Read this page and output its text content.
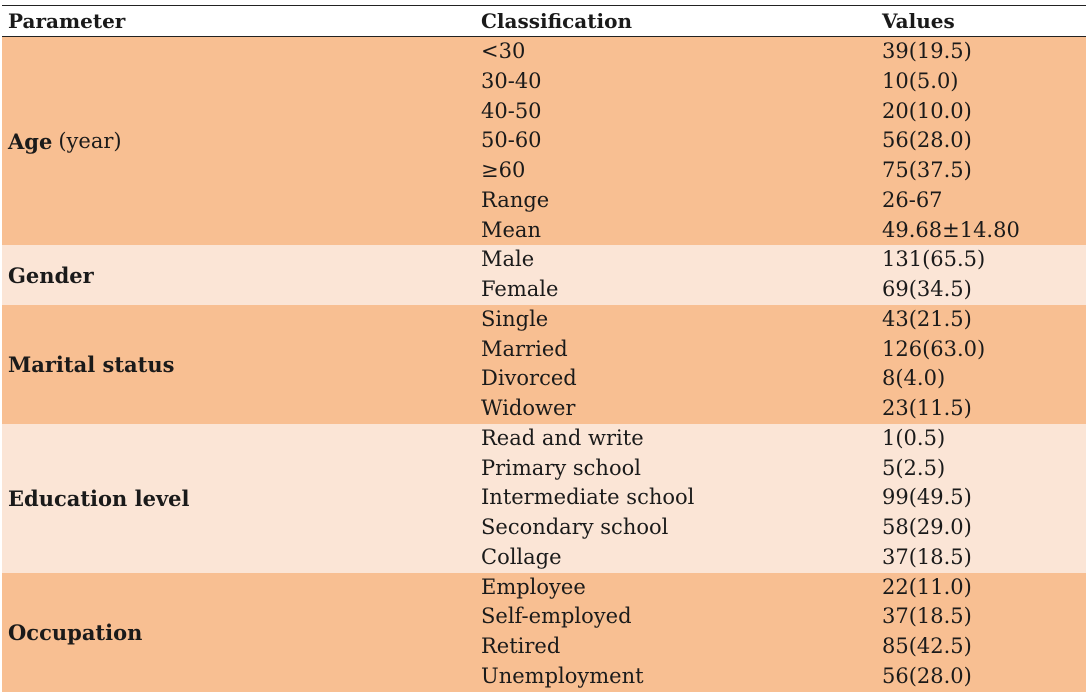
Parameter	Classification	Values
Age (year)
<30	39(19.5)
30-40	10(5.0)
40-50	20(10.0)
50-60	56(28.0)
≥60	75(37.5)
Range	26-67
Mean	49.68±14.80
Gender
Male	131(65.5)
Female	69(34.5)
Marital status
Single	43(21.5)
Married	126(63.0)
Divorced	8(4.0)
Widower	23(11.5)
Education level
Read and write	1(0.5)
Primary school	5(2.5)
Intermediate school	99(49.5)
Secondary school	58(29.0)
Collage	37(18.5)
Occupation
Employee	22(11.0)
Self-employed	37(18.5)
Retired	85(42.5)
Unemployment	56(28.0)
